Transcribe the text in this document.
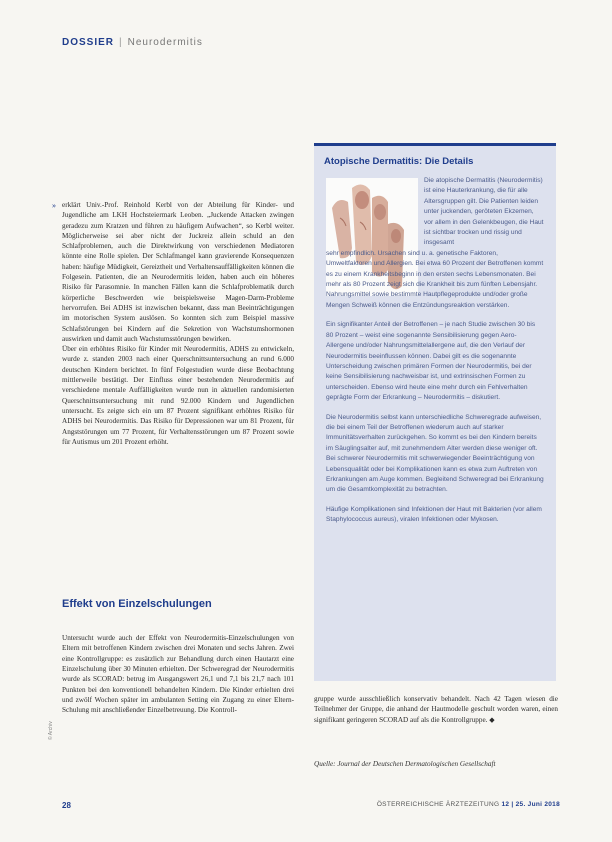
DOSSIER | Neurodermitis
» erklärt Univ.-Prof. Reinhold Kerbl von der Abteilung für Kinder- und Jugendliche am LKH Hochsteiermark Leoben. „Juckende Attacken zwingen geradezu zum Kratzen und führen zu häufigem Aufwachen“, so Kerbl weiter. Möglicherweise sei aber nicht der Juckreiz allein schuld an den Schlafproblemen, auch die Direktwirkung von verschiedenen Mediatoren könnte eine Rolle spielen. Der Schlafmangel kann gravierende Konsequenzen haben: häufige Müdigkeit, Gereiztheit und Verhaltensauffälligkeiten können die Folgesein. Patienten, die an Neurodermitis leiden, haben auch ein höheres Risiko für Parasomnie. In manchen Fällen kann die Schlafproblematik durch körperliche Beschwerden wie beispielsweise Magen-Darm-Probleme hervorrufen. Bei ADHS ist inzwischen bekannt, dass man Beeinträchtigungen im motorischen System auslösen. So konnten sich zum Beispiel massive Schlafstörungen bei Kindern auf die Sekretion von Wachstumshormonen auswirken und damit auch Wachstumsstörungen bewirken.

Über ein erhöhtes Risiko für Kinder mit Neurodermitis, ADHS zu entwickeln, wurde z. standen 2003 nach einer Querschnittsuntersuchung an rund 6.000 deutschen Kindern berichtet. In fünf Folgestudien wurde diese Beobachtung mittlerweile bestätigt. Der Einfluss einer bestehenden Neurodermitis auf verschiedene mentale Auffälligkeiten wurde nun in aktuellen randomisierten Querschnittsuntersuchung mit rund 92.000 Kindern und Jugendlichen untersucht. Es zeigte sich ein um 87 Prozent signifikant erhöhtes Risiko für ADHS bei Neurodermitis. Das Risiko für Depressionen war um 81 Prozent, für Angststörungen um 77 Prozent, für Verhaltensstörungen um 87 Prozent sowie für Autismus um 201 Prozent erhöht.

Effekt von Einzelschulungen

Untersucht wurde auch der Effekt von Neurodermitis-Einzelschulungen von Eltern mit betroffenen Kindern zwischen drei Monaten und sechs Jahren. Zwei eine Kontrollgruppe: es zusätzlich zur Behandlung durch einen Hautarzt eine Einzelschulung über 30 Minuten erhielten. Der Schweregrad der Neurodermitis wurde als SCORAD: betrug im Ausgangswert 26,1 und 7,1 bis 21,7 nach 101 Punkten bei den konventionell behandelten Kindern. Die Kinder erhielten drei und zwölf Wochen später im ambulanten Setting ein Zugang zu einer Eltern-Schulung mit anschließender Einzelbetreuung. Die Kontroll-

Atopische Dermatitis: Die Details

Die atopische Dermatitis (Neurodermitis) ist eine Hauterkrankung, die für alle Altersgruppen gilt. Die Patienten leiden unter juckenden, geröteten Ekzemen, vor allem in den Gelenkbeugen, die Haut ist sichtbar trocken und rissig und insgesamt

sehr empfindlich. Ursachen sind u. a. genetische Faktoren, Umweltfaktoren und Allergien. Bei etwa 60 Prozent der Betroffenen kommt es zu einem Krankheitsbeginn in den ersten sechs Lebensmonaten. Bei mehr als 80 Prozent zeigt sich die Krankheit bis zum fünften Lebensjahr. Nahrungsmittel sowie bestimmte Hautpflegeprodukte und/oder große Mengen Schweiß können die Entzündungsreaktion verstärken.

Ein signifikanter Anteil der Betroffenen – je nach Studie zwischen 30 bis 80 Prozent – weist eine sogenannte Sensibilisierung gegen Aero-Allergene und/oder Nahrungsmittelallergene auf, die den Verlauf der Neurodermitis beeinflussen können. Dabei gilt es die sogenannte Unterscheidung zwischen primären Formen der Neurodermitis, bei der keine Sensibilisierung nachweisbar ist, und extrinsischen Formen zu unterscheiden. Ebenso wird heute eine mehr durch ein Fehlverhalten geprägte Form der Erkrankung – Neurodermitis – diskutiert.

Die Neurodermitis selbst kann unterschiedliche Schweregrade aufweisen, die bei einem Teil der Betroffenen wiederum auch auf starker Immunitätsverhalten zurückgehen. So kommt es bei den Kindern bereits im Säuglingsalter auf, mit zunehmendem Alter werden diese weniger oft. Bei schwerer Neurodermitis mit schwerwiegender Beeinträchtigung von Lebensqualität oder bei Komplikationen kann es etwa zum Auftreten von Erkrankungen am Auge kommen. Begleitend Schweregrad bei Erkrankung um die Gesamtkomplexität zu betrachten.

Häufige Komplikationen sind Infektionen der Haut mit Bakterien (vor allem Staphylococcus aureus), viralen Infektionen oder Mykosen.

gruppe wurde ausschließlich konservativ behandelt. Nach 42 Tagen wiesen die Teilnehmer der Gruppe, die anhand der Hautmodelle geschult worden waren, einen signifikant geringeren SCORAD auf als die Kontrollgruppe. ◆

Quelle: Journal der Deutschen Dermatologischen Gesellschaft
© Archiv
28	ÖSTERREICHISCHE ÄRZTEZEITUNG 12 | 25. Juni 2018
